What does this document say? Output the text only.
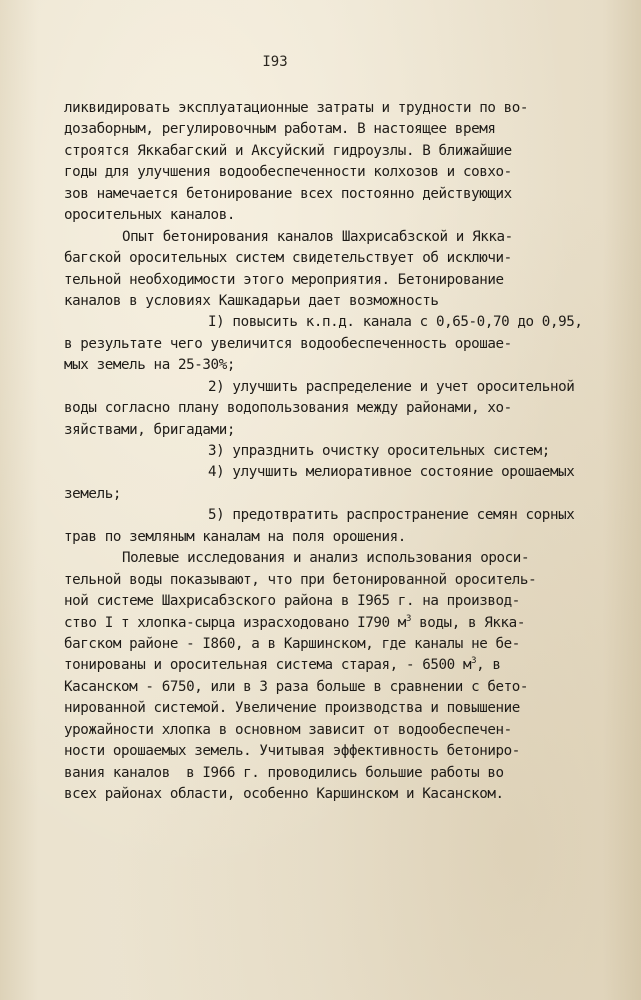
I93
ликвидировать эксплуатационные затраты и трудности по во-
дозаборным, регулировочным работам. В настоящее время
строятся Яккабагский и Аксуйский гидроузлы. В ближайшие
годы для улучшения водообеспеченности колхозов и совхо-
зов намечается бетонирование всех постоянно действующих
оросительных каналов.
Опыт бетонирования каналов Шахрисабзской и Якка-
багской оросительных систем свидетельствует об исключи-
тельной необходимости этого мероприятия. Бетонирование
каналов в условиях Кашкадарьи дает возможность
I) повысить к.п.д. канала с 0,65-0,70 до 0,95,
в результате чего увеличится водообеспеченность орошае-
мых земель на 25-30%;
2) улучшить распределение и учет оросительной
воды согласно плану водопользования между районами, хо-
зяйствами, бригадами;
3) упразднить очистку оросительных систем;
4) улучшить мелиоративное состояние орошаемых
земель;
5) предотвратить распространение семян сорных
трав по земляным каналам на поля орошения.
Полевые исследования и анализ использования ороси-
тельной воды показывают, что при бетонированной ороситель-
ной системе Шахрисабзского района в I965 г. на производ-
ство I т хлопка-сырца израсходовано I790 $м^3$ воды, в Якка-
багском районе - I860, а в Каршинском, где каналы не бе-
тонированы и оросительная система старая, - 6500 $м^3$, в
Касанском - 6750, или в 3 раза больше в сравнении с бето-
нированной системой. Увеличение производства и повышение
урожайности хлопка в основном зависит от водообеспечен-
ности орошаемых земель. Учитывая эффективность бетониро-
вания каналов  в I966 г. проводились большие работы во
всех районах области, особенно Каршинском и Касанском.
